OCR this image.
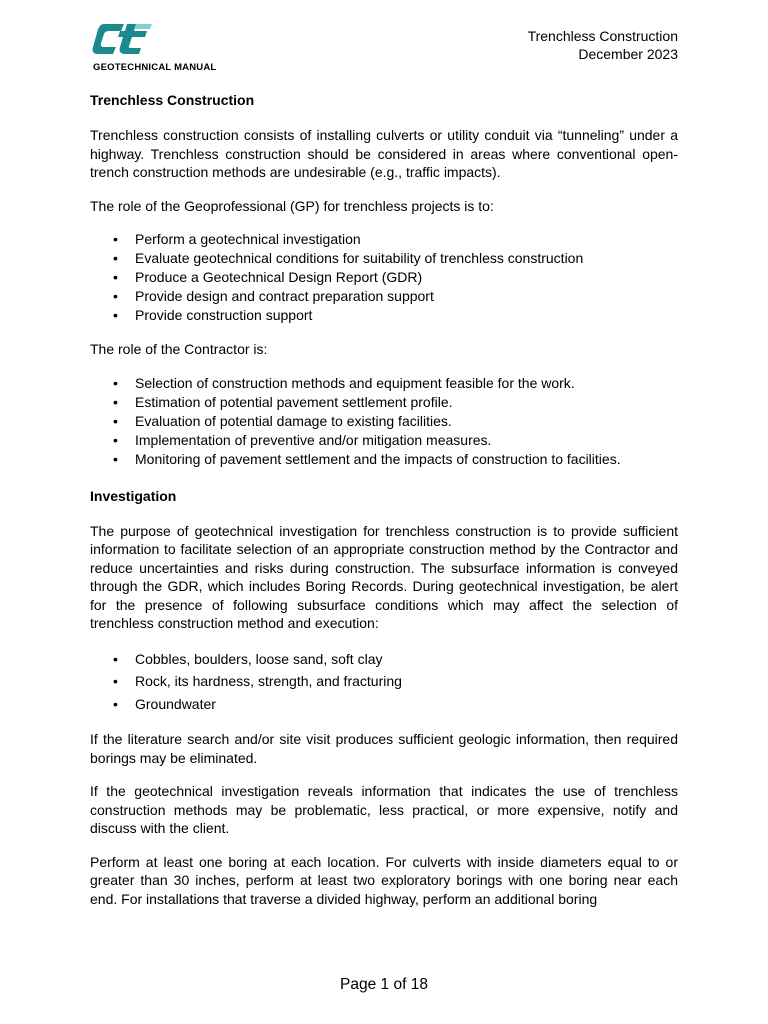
GEOTECHNICAL MANUAL
Trenchless Construction
December 2023
Trenchless Construction

Trenchless construction consists of installing culverts or utility conduit via “tunneling” under a highway. Trenchless construction should be considered in areas where conventional open-trench construction methods are undesirable (e.g., traffic impacts).

The role of the Geoprofessional (GP) for trenchless projects is to:

• Perform a geotechnical investigation
• Evaluate geotechnical conditions for suitability of trenchless construction
• Produce a Geotechnical Design Report (GDR)
• Provide design and contract preparation support
• Provide construction support

The role of the Contractor is:

• Selection of construction methods and equipment feasible for the work.
• Estimation of potential pavement settlement profile.
• Evaluation of potential damage to existing facilities.
• Implementation of preventive and/or mitigation measures.
• Monitoring of pavement settlement and the impacts of construction to facilities.
Investigation

The purpose of geotechnical investigation for trenchless construction is to provide sufficient information to facilitate selection of an appropriate construction method by the Contractor and reduce uncertainties and risks during construction. The subsurface information is conveyed through the GDR, which includes Boring Records. During geotechnical investigation, be alert for the presence of following subsurface conditions which may affect the selection of trenchless construction method and execution:

• Cobbles, boulders, loose sand, soft clay
• Rock, its hardness, strength, and fracturing
• Groundwater

If the literature search and/or site visit produces sufficient geologic information, then required borings may be eliminated.

If the geotechnical investigation reveals information that indicates the use of trenchless construction methods may be problematic, less practical, or more expensive, notify and discuss with the client.

Perform at least one boring at each location. For culverts with inside diameters equal to or greater than 30 inches, perform at least two exploratory borings with one boring near each end. For installations that traverse a divided highway, perform an additional boring

Page 1 of 18
